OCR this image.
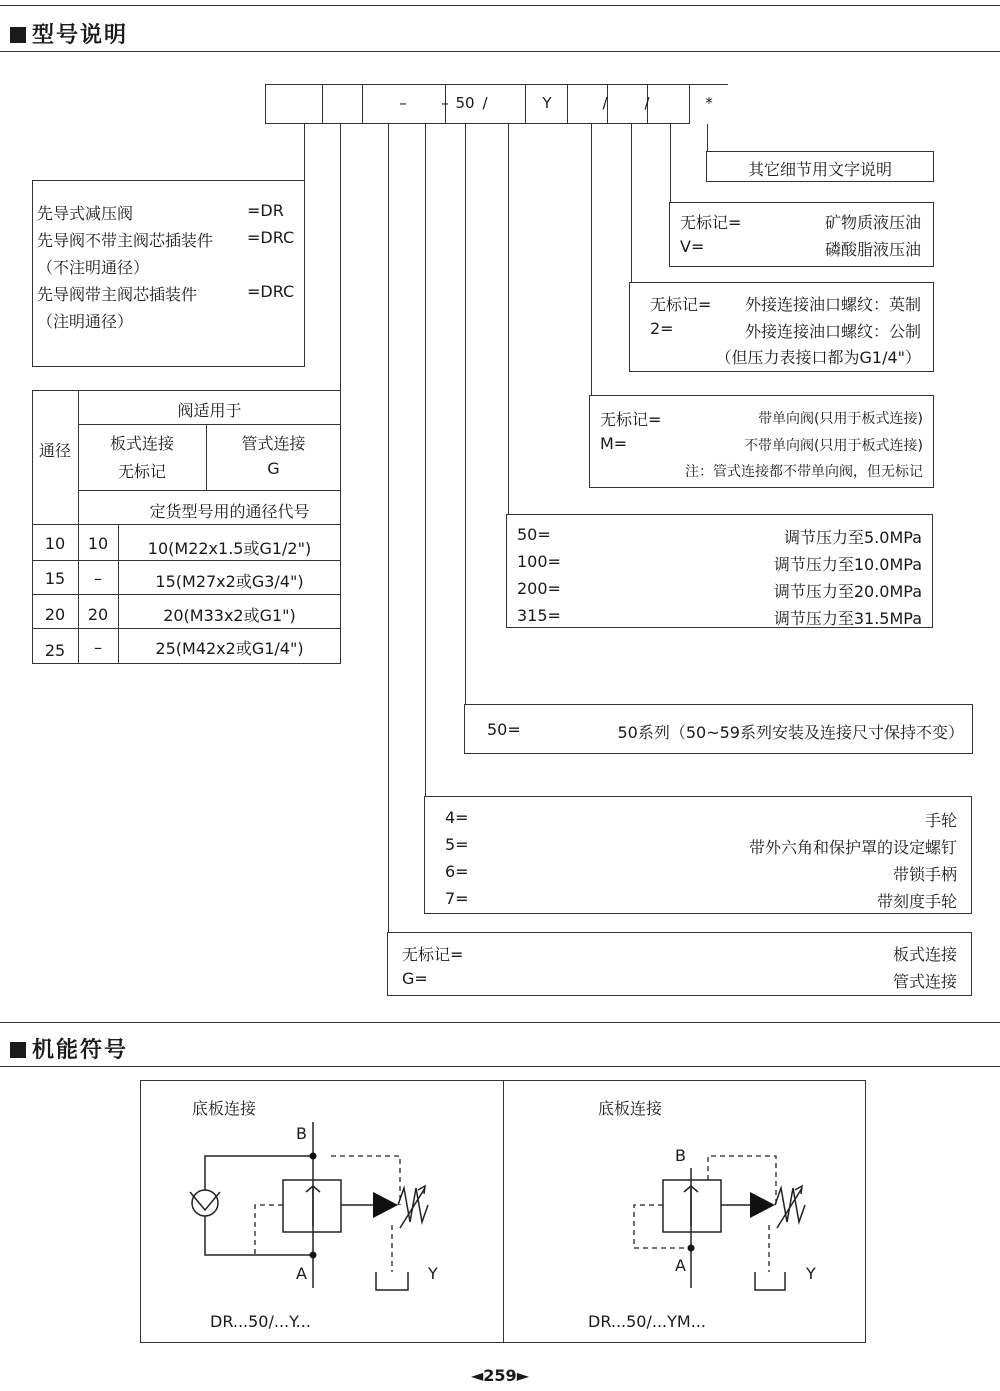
型号说明
–	– 50 /	Y	/	/	*
其它细节用文字说明
无标记=	矿物质液压油
V=	磷酸脂液压油
无标记= 外接连接油口螺纹：英制
2=	外接连接油口螺纹：公制
（但压力表接口都为G1/4"）
无标记=	带单向阀(只用于板式连接)
M=	不带单向阀(只用于板式连接)
注：管式连接都不带单向阀，但无标记
50=	调节压力至5.0MPa
100=	调节压力至10.0MPa
200=	调节压力至20.0MPa
315=	调节压力至31.5MPa
50=	50系列（50~59系列安装及连接尺寸保持不变）
4=	手轮
5=	带外六角和保护罩的设定螺钉
6=	带锁手柄
7=	带刻度手轮
无标记=	板式连接
G=	管式连接
先导式减压阀	=DR
先导阀不带主阀芯插装件 =DRC
（不注明通径）
先导阀带主阀芯插装件	=DRC
（注明通径）
通径
阀适用于
板式连接
无标记
管式连接
G
定货型号用的通径代号
10	10	10(M22x1.5或G1/2")
15	–	15(M27x2或G3/4")
20	20	20(M33x2或G1")
25	–	25(M42x2或G1/4")
机能符号
底板连接
B
A	Y
DR...50/...Y...
底板连接
B
A	Y
DR...50/...YM...
◄259►
